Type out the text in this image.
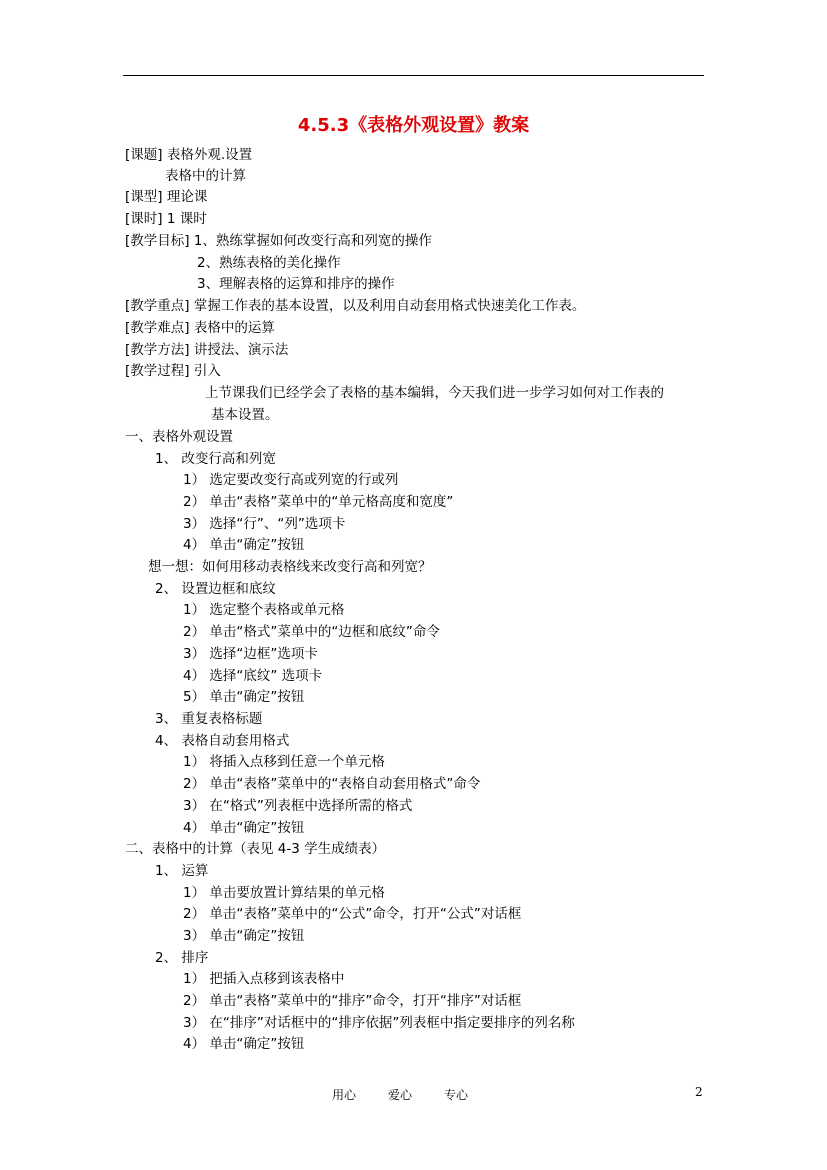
4.5.3《表格外观设置》教案
[课题] 表格外观.设置
表格中的计算
[课型] 理论课
[课时] 1 课时
[教学目标] 1、熟练掌握如何改变行高和列宽的操作
2、熟练表格的美化操作
3、理解表格的运算和排序的操作
[教学重点] 掌握工作表的基本设置，以及利用自动套用格式快速美化工作表。
[教学难点] 表格中的运算
[教学方法] 讲授法、演示法
[教学过程] 引入
上节课我们已经学会了表格的基本编辑，今天我们进一步学习如何对工作表的
基本设置。
一、表格外观设置
1、 改变行高和列宽
1） 选定要改变行高或列宽的行或列
2） 单击“表格”菜单中的“单元格高度和宽度”
3） 选择“行”、“列”选项卡
4） 单击“确定”按钮
想一想：如何用移动表格线来改变行高和列宽？
2、 设置边框和底纹
1） 选定整个表格或单元格
2） 单击“格式”菜单中的“边框和底纹”命令
3） 选择“边框”选项卡
4） 选择“底纹” 选项卡
5） 单击“确定”按钮
3、 重复表格标题
4、 表格自动套用格式
1） 将插入点移到任意一个单元格
2） 单击“表格”菜单中的“表格自动套用格式”命令
3） 在“格式”列表框中选择所需的格式
4） 单击“确定”按钮
二、表格中的计算（表见 4-3 学生成绩表）
1、 运算
1） 单击要放置计算结果的单元格
2） 单击“表格”菜单中的“公式”命令，打开“公式”对话框
3） 单击“确定”按钮
2、 排序
1） 把插入点移到该表格中
2） 单击“表格”菜单中的“排序”命令，打开“排序”对话框
3） 在“排序”对话框中的“排序依据”列表框中指定要排序的列名称
4） 单击“确定”按钮
用心	爱心	专心	2
